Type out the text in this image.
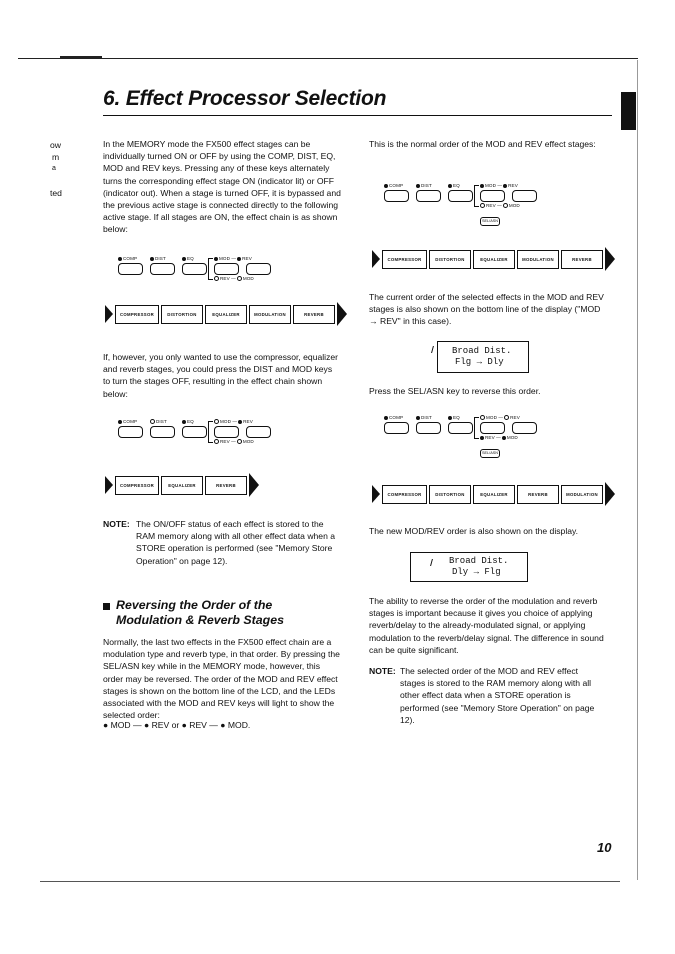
ow
m
a
ted
6. Effect Processor Selection
In the MEMORY mode the FX500 effect stages can be individually turned ON or OFF by using the COMP, DIST, EQ, MOD and REV keys. Pressing any of these keys alternately turns the corresponding effect stage ON (indicator lit) or OFF (indicator out). When a stage is turned OFF, it is bypassed and the previous active stage is connected directly to the following active stage. If all stages are ON, the effect chain is as shown below:
COMP	DIST	EQ	MOD — REV
REV — MOD
COMPRESSOR	DISTORTION	EQUALIZER	MODULATION	REVERB
If, however, you only wanted to use the compressor, equalizer and reverb stages, you could press the DIST and MOD keys to turn the stages OFF, resulting in the effect chain shown below:
COMP	DIST	EQ	MOD — REV
REV — MOD
COMPRESSOR	EQUALIZER	REVERB
NOTE: The ON/OFF status of each effect is stored to the RAM memory along with all other effect data when a STORE operation is performed (see "Memory Store Operation" on page 12).
Reversing the Order of the
Modulation & Reverb Stages
Normally, the last two effects in the FX500 effect chain are a modulation type and reverb type, in that order. By pressing the SEL/ASN key while in the MEMORY mode, however, this order may be reversed. The order of the MOD and REV effect stages is shown on the bottom line of the LCD, and the LEDs associated with the MOD and REV keys will light to show the selected order:
● MOD — ● REV or ● REV — ● MOD.
This is the normal order of the MOD and REV effect stages:
COMP	DIST	EQ	MOD — REV
REV — MOD
SEL/ASN
COMPRESSOR	DISTORTION	EQUALIZER	MODULATION	REVERB
The current order of the selected effects in the MOD and REV stages is also shown on the bottom line of the display ("MOD → REV" in this case).
Broad Dist.
Flg → Dly
Press the SEL/ASN key to reverse this order.
COMP	DIST	EQ	MOD — REV
REV — MOD
SEL/ASN
COMPRESSOR	DISTORTION	EQUALIZER	REVERB	MODULATION
The new MOD/REV order is also shown on the display.
Broad Dist.
Dly → Flg
The ability to reverse the order of the modulation and reverb stages is important because it gives you choice of applying reverb/delay to the already-modulated signal, or applying modulation to the reverb/delay signal. The difference in sound can be quite significant.
NOTE: The selected order of the MOD and REV effect stages is stored to the RAM memory along with all other effect data when a STORE operation is performed (see "Memory Store Operation" on page 12).
10
